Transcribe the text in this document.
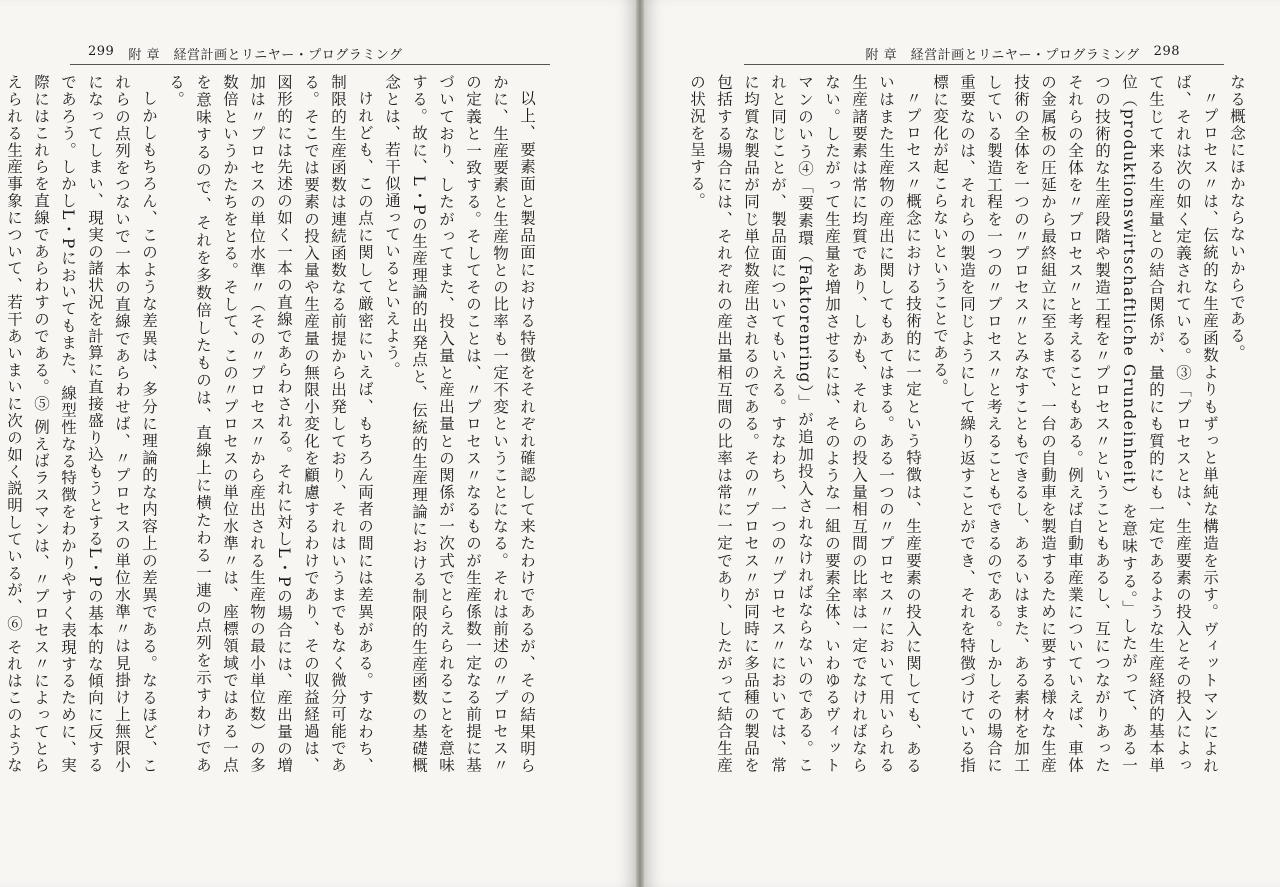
299 附 章　経営計画とリニヤー・プログラミング

以上、要素面と製品面における特徴をそれぞれ確認して来たわけであるが、その結果明らかに、生産要素と生産物との比率も一定不変ということになる。それは前述の〃プロセス〃の定義と一致する。そしてそのことは、〃プロセス〃なるものが生産係数一定なる前提に基づいており、したがってまた、投入量と産出量との関係が一次式でとらえられることを意味する。故に、L・Pの生産理論的出発点と、伝統的生産理論における制限的生産函数の基礎概念とは、若干似通っているといえよう。

けれども、この点に関して厳密にいえば、もちろん両者の間には差異がある。すなわち、制限的生産函数は連続函数なる前提から出発しており、それはいうまでもなく微分可能である。そこでは要素の投入量や生産量の無限小変化を顧慮するわけであり、その収益経過は、図形的には先述の如く一本の直線であらわされる。それに対しL・Pの場合には、産出量の増加は〃プロセスの単位水準〃（その〃プロセス〃から産出される生産物の最小単位数）の多数倍というかたちをとる。そして、この〃プロセスの単位水準〃は、座標領域ではある一点を意味するので、それを多数倍したものは、直線上に横たわる一連の点列を示すわけである。

しかしもちろん、このような差異は、多分に理論的な内容上の差異である。なるほど、これらの点列をつないで一本の直線であらわせば、〃プロセスの単位水準〃は見掛け上無限小になってしまい、現実の諸状況を計算に直接盛り込もうとするL・Pの基本的な傾向に反するであろう。しかしL・Pにおいてもまた、線型性なる特徴をわかりやすく表現するために、実際にはこれらを直線であらわすのである。⑤ 例えばラスマンは、〃プロセス〃によってとらえられる生産事象について、若干あいまいに次の如く説明しているが、⑥ それはこのような

附 章　経営計画とリニヤー・プログラミング 298

なる概念にほかならないからである。

〃プロセス〃は、伝統的な生産函数よりもずっと単純な構造を示す。ヴィットマンによれば、それは次の如く定義されている。③「プロセスとは、生産要素の投入とその投入によって生じて来る生産量との結合関係が、量的にも質的にも一定であるような生産経済的基本単位（produktionswirtschaftliche Grundeinheit）を意味する。」したがって、ある一つの技術的な生産段階や製造工程を〃プロセス〃ということもあるし、互につながりあったそれらの全体を〃プロセス〃と考えることもある。例えば自動車産業についていえば、車体の金属板の圧延から最終組立に至るまで、一台の自動車を製造するために要する様々な生産技術の全体を一つの〃プロセス〃とみなすこともできるし、あるいはまた、ある素材を加工している製造工程を一つの〃プロセス〃と考えることもできるのである。しかしその場合に重要なのは、それらの製造を同じようにして繰り返すことができ、それを特徴づけている指標に変化が起こらないということである。

〃プロセス〃概念における技術的に一定という特徴は、生産要素の投入に関しても、あるいはまた生産物の産出に関してもあてはまる。ある一つの〃プロセス〃において用いられる生産諸要素は常に均質であり、しかも、それらの投入量相互間の比率は一定でなければならない。したがって生産量を増加させるには、そのような一組の要素全体、いわゆるヴィットマンのいう④「要素環（Faktorenring）」が追加投入されなければならないのである。これと同じことが、製品面についてもいえる。すなわち、一つの〃プロセス〃においては、常に均質な製品が同じ単位数産出されるのである。その〃プロセス〃が同時に多品種の製品を包括する場合には、それぞれの産出量相互間の比率は常に一定であり、したがって結合生産の状況を呈する。
